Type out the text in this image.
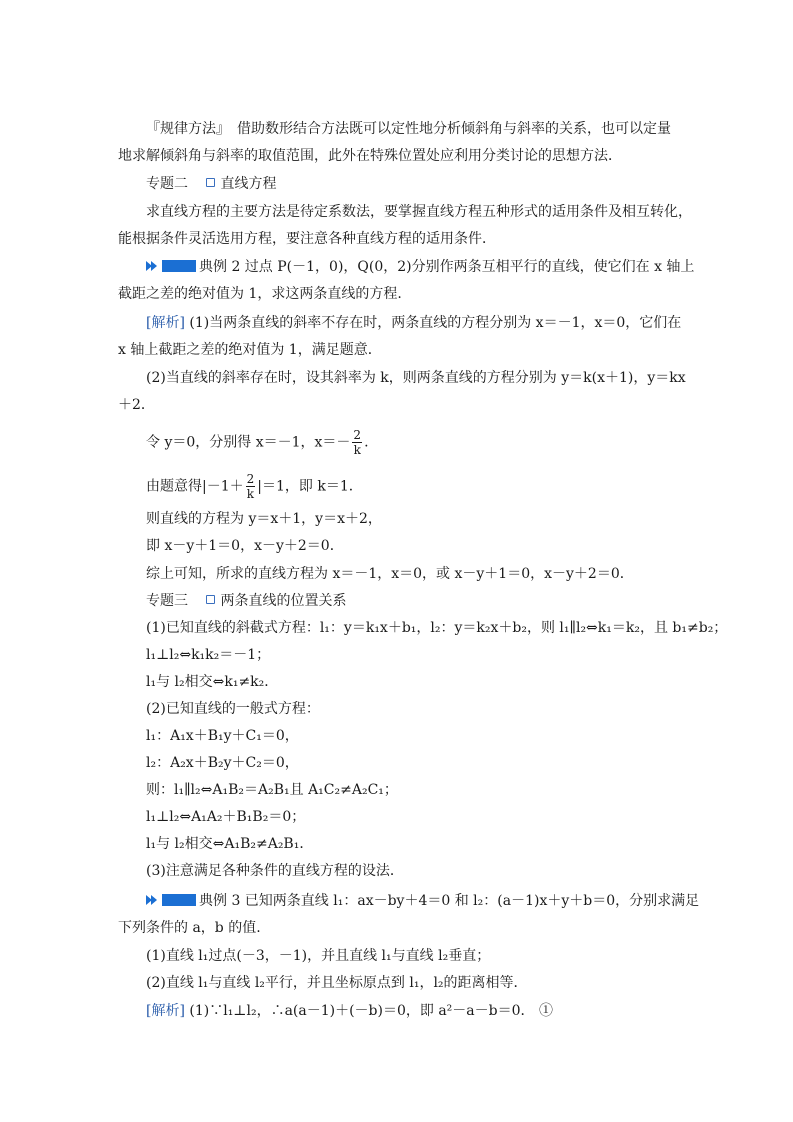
『规律方法』　借助数形结合方法既可以定性地分析倾斜角与斜率的关系，也可以定量
地求解倾斜角与斜率的取值范围，此外在特殊位置处应利用分类讨论的思想方法．
专题二 直线方程
求直线方程的主要方法是待定系数法，要掌握直线方程五种形式的适用条件及相互转化，
能根据条件灵活选用方程，要注意各种直线方程的适用条件．
典例 2 过点 P(－1，0)，Q(0，2)分别作两条互相平行的直线，使它们在 x 轴上
截距之差的绝对值为 1，求这两条直线的方程.
[解析] (1)当两条直线的斜率不存在时，两条直线的方程分别为 x＝－1，x＝0，它们在
x 轴上截距之差的绝对值为 1，满足题意．
(2)当直线的斜率存在时，设其斜率为 k，则两条直线的方程分别为 y＝k(x＋1)，y＝kx
＋2．
令 y＝0，分别得 x＝－1，$x=- \frac{2}{k}$ .
由题意得$|-1+ \frac{2}{k} |=1$，即 k＝1．
则直线的方程为 y＝x＋1，y＝x＋2，
即 x－y＋1＝0，x－y＋2＝0．
综上可知，所求的直线方程为 x＝－1，x＝0，或 x－y＋1＝0，x－y＋2＝0．
专题三 两条直线的位置关系
(1)已知直线的斜截式方程：l₁：y＝k₁x＋b₁，l₂：y＝k₂x＋b₂，则 l₁∥l₂⇔k₁＝k₂，且 b₁≠b₂；
l₁⊥l₂⇔k₁k₂＝－1；
l₁与 l₂相交⇔k₁≠k₂．
(2)已知直线的一般式方程：
l₁：A₁x＋B₁y＋C₁＝0，
l₂：A₂x＋B₂y＋C₂＝0，
则：l₁∥l₂⇔A₁B₂＝A₂B₁且 A₁C₂≠A₂C₁；
l₁⊥l₂⇔A₁A₂＋B₁B₂＝0；
l₁与 l₂相交⇔A₁B₂≠A₂B₁．
(3)注意满足各种条件的直线方程的设法．
典例 3 已知两条直线 l₁：ax－by＋4＝0 和 l₂：(a－1)x＋y＋b＝0，分别求满足
下列条件的 a，b 的值.
(1)直线 l₁过点(－3，－1)，并且直线 l₁与直线 l₂垂直；
(2)直线 l₁与直线 l₂平行，并且坐标原点到 l₁，l₂的距离相等．
[解析] (1)∵l₁⊥l₂，∴a(a－1)＋(－b)＝0，即 a²－a－b＝0． ①
